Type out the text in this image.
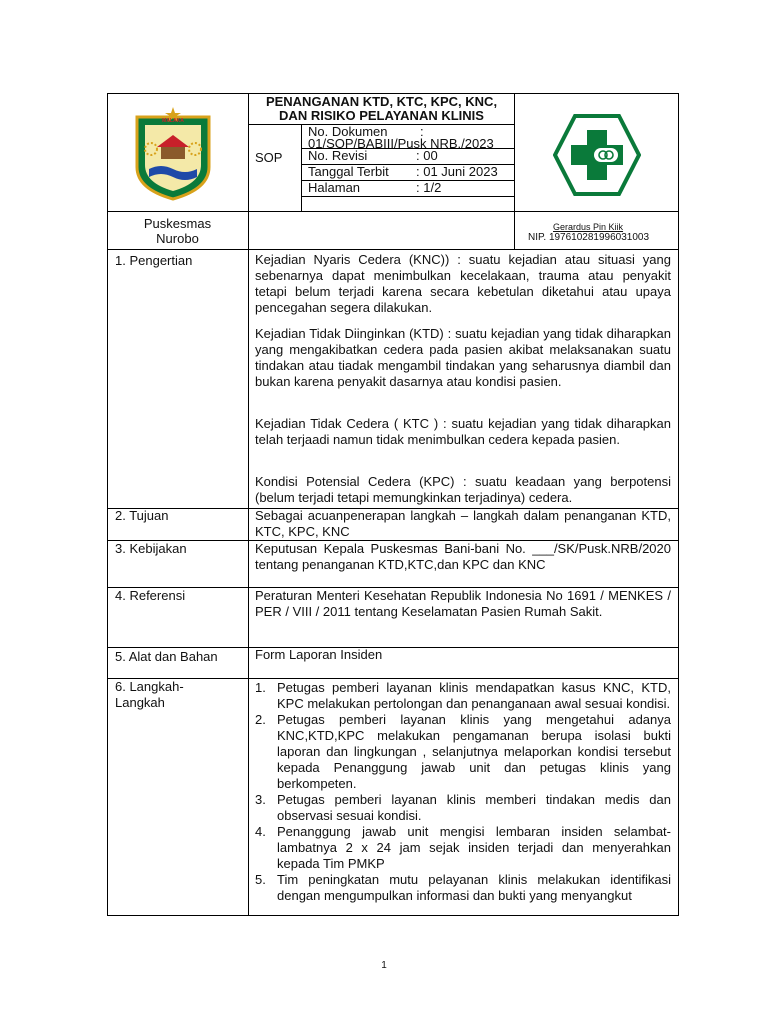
MALAKA
PENANGANAN KTD, KTC, KPC, KNC,
DAN RISIKO PELAYANAN KLINIS
SOP
No. Dokumen	:
01/SOP/BABIII/Pusk NRB./2023
No. Revisi	: 00
Tanggal Terbit : 01 Juni 2023
Halaman	: 1/2
Puskesmas
Nurobo
Gerardus Pin Kiik
NIP. 197610281996031003
1. Pengertian	Kejadian Nyaris Cedera (KNC)) : suatu kejadian atau situasi yang sebenarnya dapat menimbulkan kecelakaan, trauma atau penyakit tetapi belum terjadi karena secara kebetulan diketahui atau upaya pencegahan segera dilakukan.
Kejadian Tidak Diinginkan (KTD) : suatu kejadian yang tidak diharapkan yang mengakibatkan cedera pada pasien akibat melaksanakan suatu tindakan atau tiadak mengambil tindakan yang seharusnya diambil dan bukan karena penyakit dasarnya atau kondisi pasien.
Kejadian Tidak Cedera ( KTC ) : suatu kejadian yang tidak diharapkan telah terjaadi namun tidak menimbulkan cedera kepada pasien.
Kondisi Potensial Cedera (KPC) : suatu keadaan yang berpotensi (belum terjadi tetapi memungkinkan terjadinya) cedera.
2. Tujuan	Sebagai acuanpenerapan langkah – langkah dalam penanganan KTD, KTC, KPC, KNC
3. Kebijakan	Keputusan Kepala Puskesmas Bani-bani No. ___/SK/Pusk.NRB/2020 tentang penanganan KTD,KTC,dan KPC dan KNC
4. Referensi	Peraturan Menteri Kesehatan Republik Indonesia No 1691 / MENKES / PER / VIII / 2011 tentang Keselamatan Pasien Rumah Sakit.
5. Alat dan Bahan	Form Laporan Insiden
6. Langkah-
Langkah
1. Petugas pemberi layanan klinis mendapatkan kasus KNC, KTD, KPC melakukan pertolongan dan penanganaan awal sesuai kondisi.
2. Petugas pemberi layanan klinis yang mengetahui adanya KNC,KTD,KPC melakukan pengamanan berupa isolasi bukti laporan dan lingkungan , selanjutnya melaporkan kondisi tersebut kepada Penanggung jawab unit dan petugas klinis yang berkompeten.
3. Petugas pemberi layanan klinis memberi tindakan medis dan observasi sesuai kondisi.
4. Penanggung jawab unit mengisi lembaran insiden selambat-lambatnya 2 x 24 jam sejak insiden terjadi dan menyerahkan kepada Tim PMKP
5. Tim peningkatan mutu pelayanan klinis melakukan identifikasi dengan mengumpulkan informasi dan bukti yang menyangkut
1
